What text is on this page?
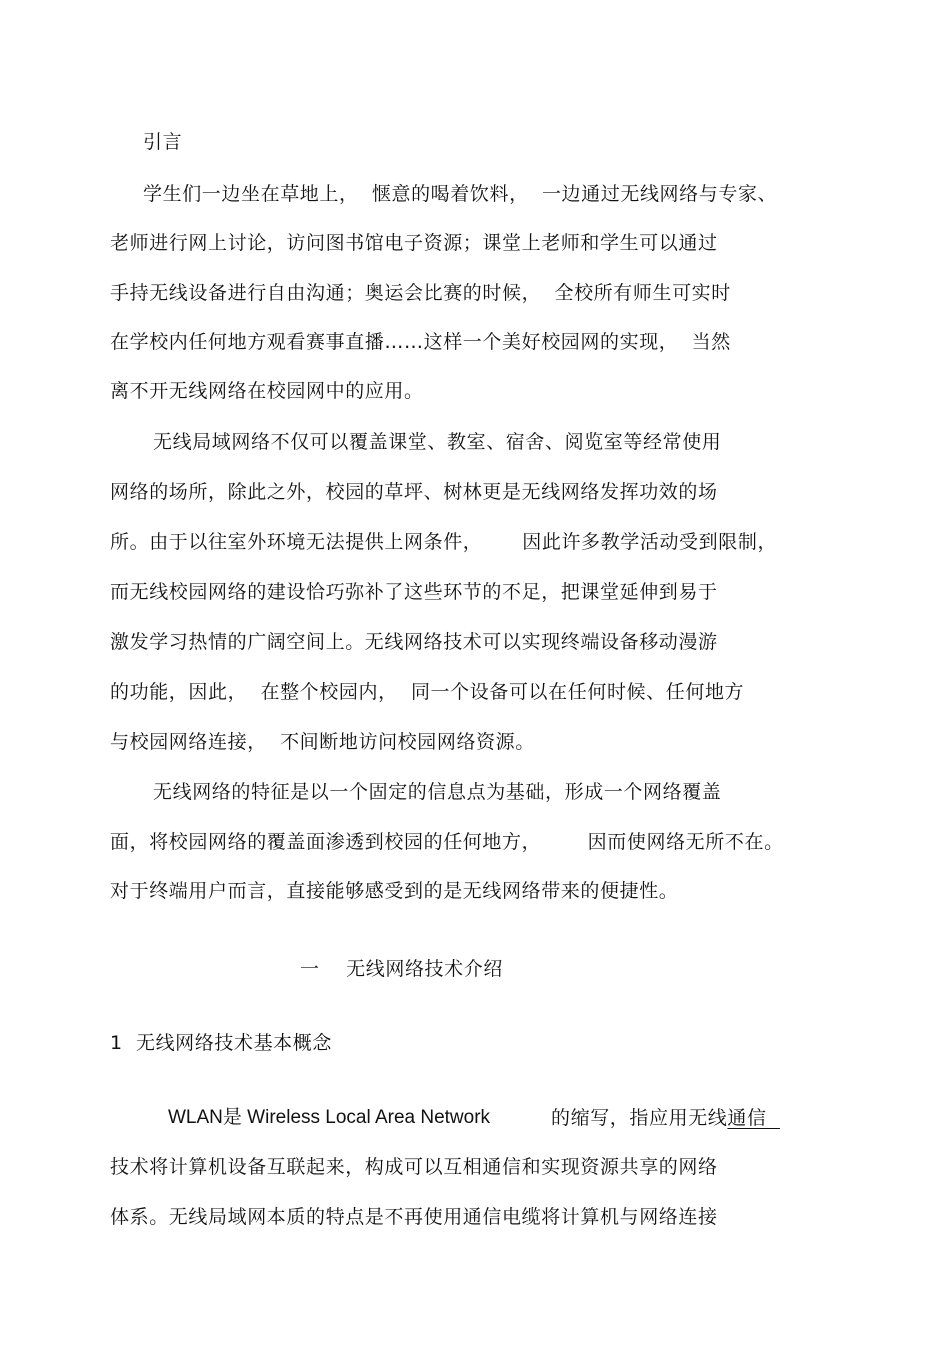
引言
学生们一边坐在草地上，  惬意的喝着饮料，  一边通过无线网络与专家、
老师进行网上讨论，访问图书馆电子资源；课堂上老师和学生可以通过
手持无线设备进行自由沟通；奥运会比赛的时候，  全校所有师生可实时
在学校内任何地方观看赛事直播……这样一个美好校园网的实现，  当然
离不开无线网络在校园网中的应用。
无线局域网络不仅可以覆盖课堂、教室、宿舍、阅览室等经常使用
网络的场所，除此之外，校园的草坪、树林更是无线网络发挥功效的场
所。由于以往室外环境无法提供上网条件，      因此许多教学活动受到限制，
而无线校园网络的建设恰巧弥补了这些环节的不足，把课堂延伸到易于
激发学习热情的广阔空间上。无线网络技术可以实现终端设备移动漫游
的功能，因此，  在整个校园内，  同一个设备可以在任何时候、任何地方
与校园网络连接，  不间断地访问校园网络资源。
无线网络的特征是以一个固定的信息点为基础，形成一个网络覆盖
面，将校园网络的覆盖面渗透到校园的任何地方，       因而使网络无所不在。
对于终端用户而言，直接能够感受到的是无线网络带来的便捷性。
一    无线网络技术介绍
1  无线网络技术基本概念
WLAN是 Wireless Local Area Network	的缩写，指应用无线通信
技术将计算机设备互联起来，构成可以互相通信和实现资源共享的网络
体系。无线局域网本质的特点是不再使用通信电缆将计算机与网络连接
